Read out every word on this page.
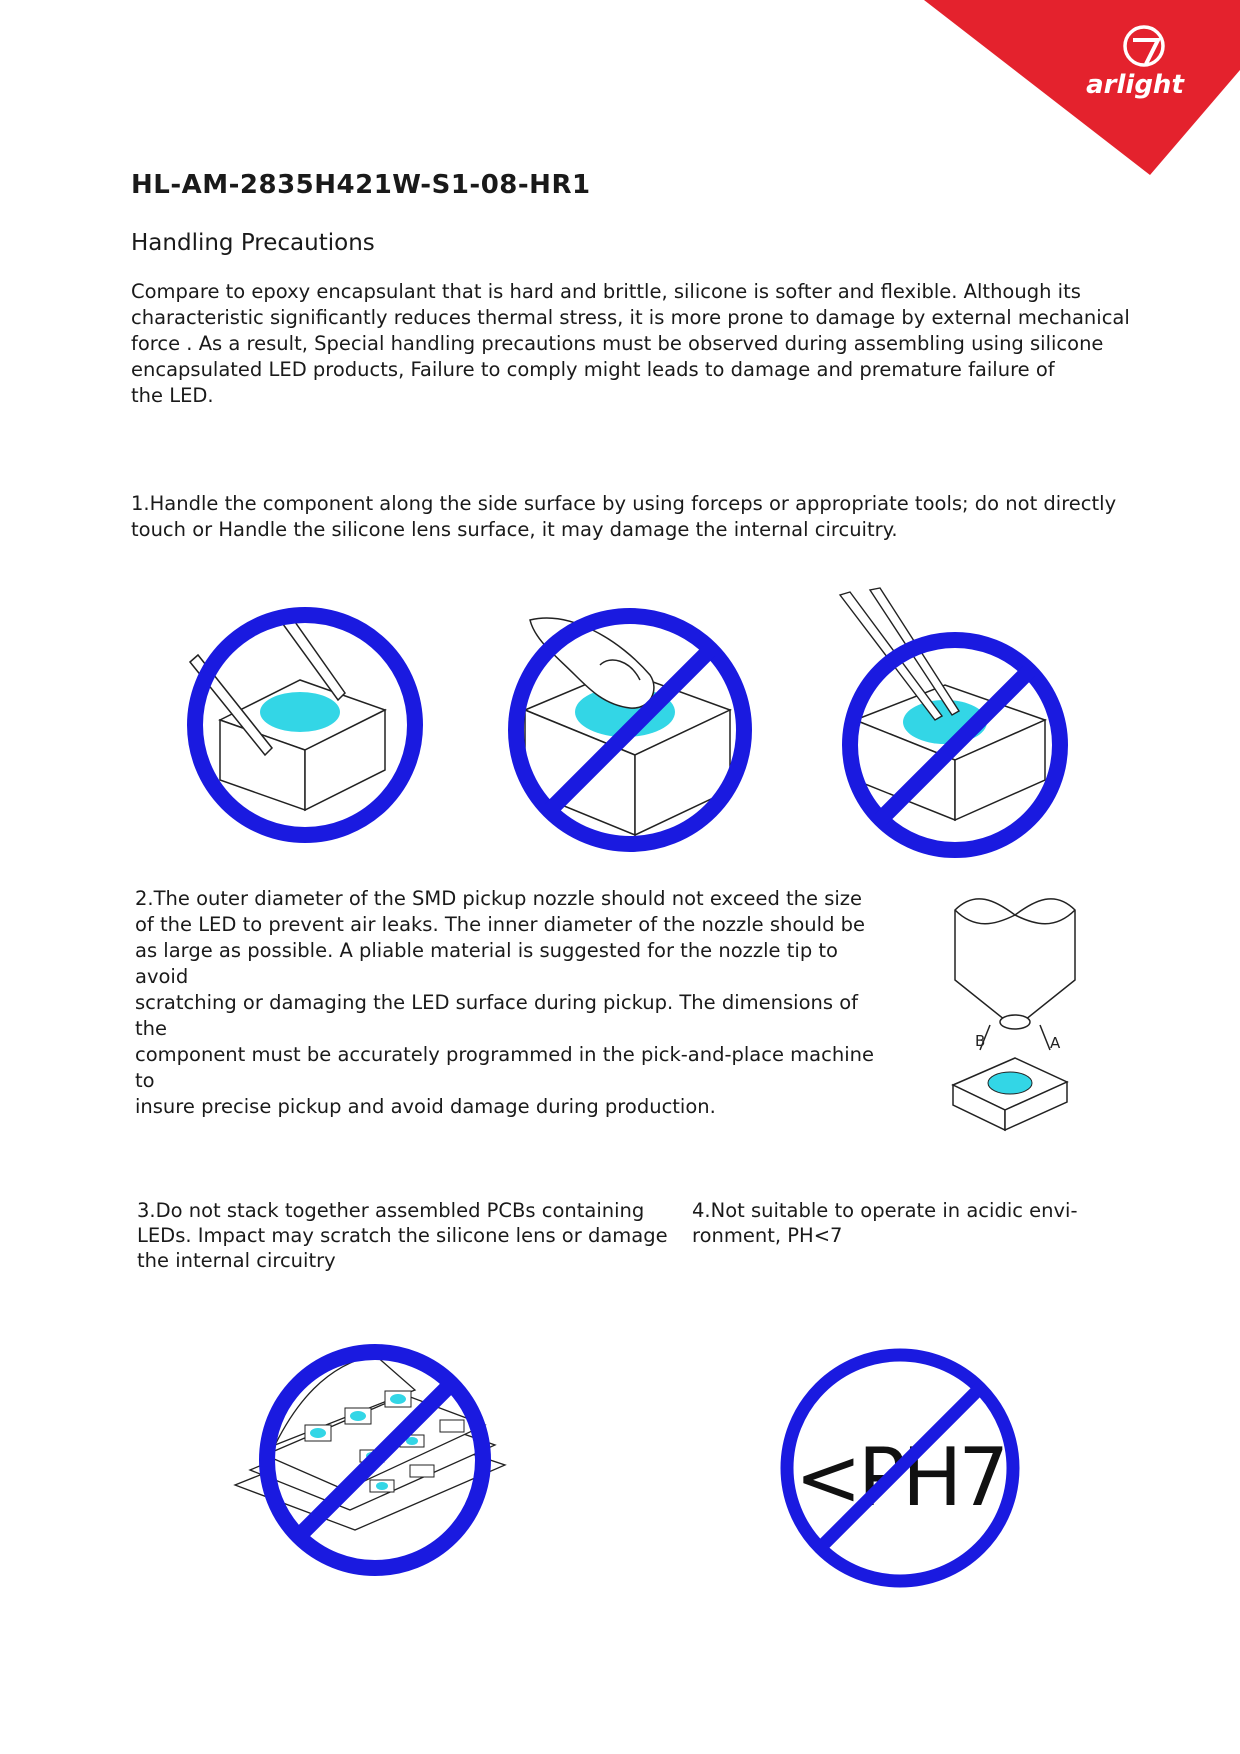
arlight
HL-AM-2835H421W-S1-08-HR1
Handling Precautions

Compare to epoxy encapsulant that is hard and brittle, silicone is softer and flexible. Although its
characteristic significantly reduces thermal stress, it is more prone to damage by external mechanical
force . As a result, Special handling precautions must be observed during assembling using silicone
encapsulated LED products, Failure to comply might leads to damage and premature failure of
the LED.

1.Handle the component along the side surface by using forceps or appropriate tools; do not directly
touch or Handle the silicone lens surface, it may damage the internal circuitry.

2.The outer diameter of the SMD pickup nozzle should not exceed the size
of the LED to prevent air leaks. The inner diameter of the nozzle should be
as large as possible. A pliable material is suggested for the nozzle tip to avoid
scratching or damaging the LED surface during pickup. The dimensions of the
component must be accurately programmed in the pick-and-place machine to
insure precise pickup and avoid damage during production.

B	A

3.Do not stack together assembled PCBs containing
LEDs. Impact may scratch the silicone lens or damage
the internal circuitry

4.Not suitable to operate in acidic envi-
ronment, PH<7

<PH7
